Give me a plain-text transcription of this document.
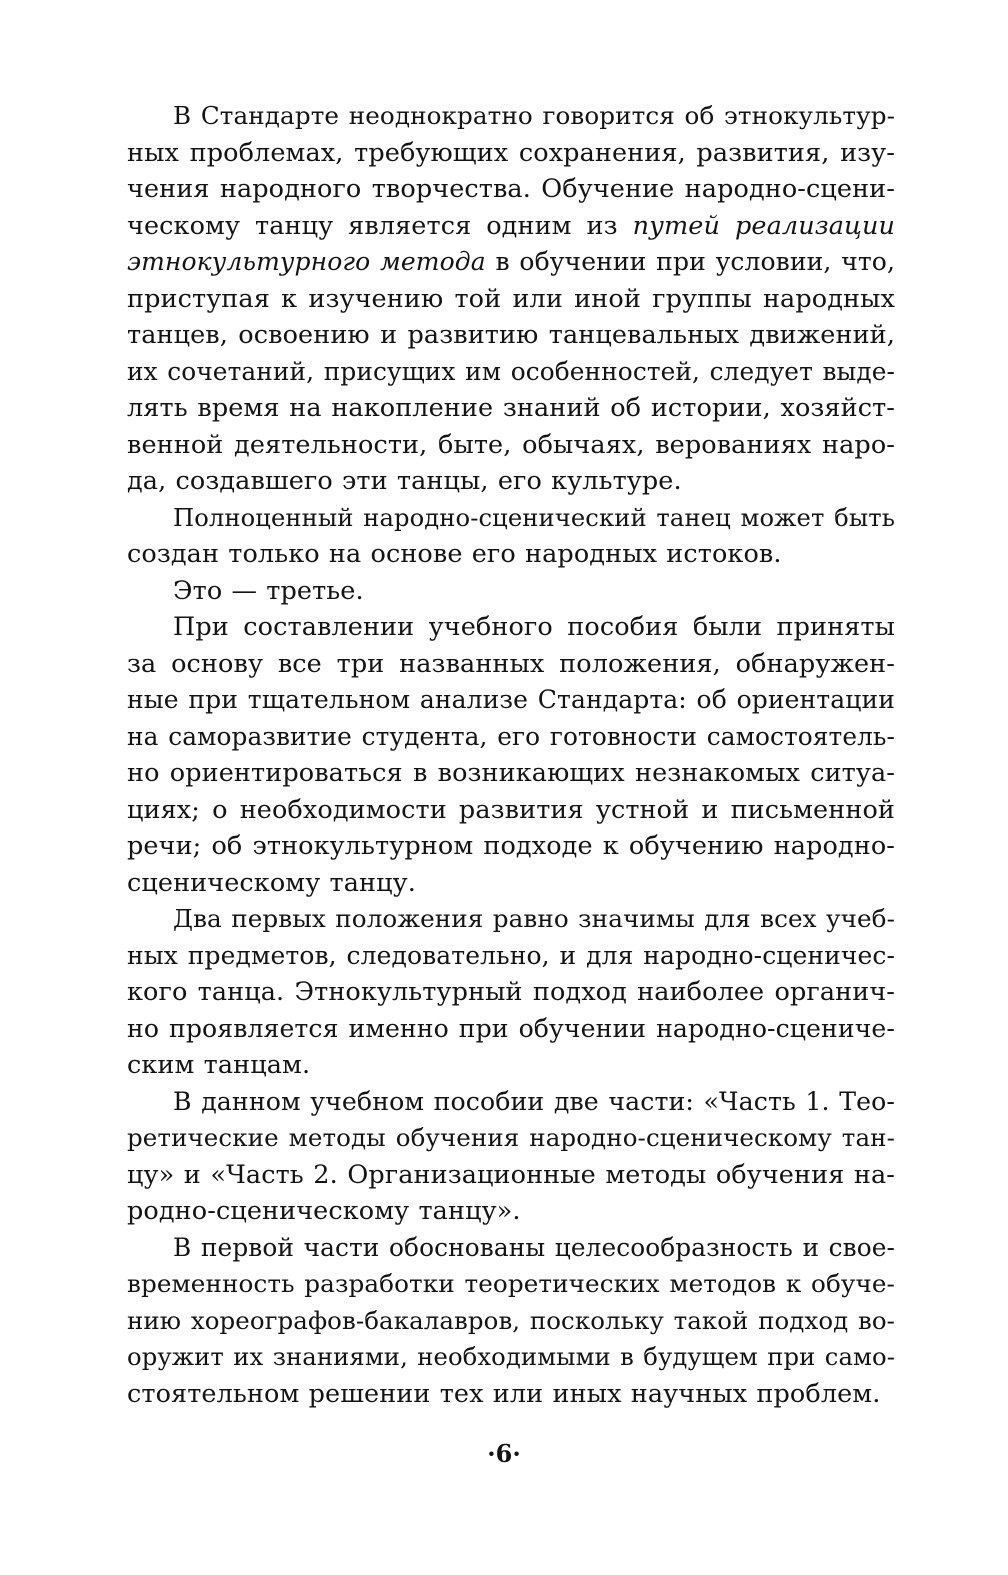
В Стандарте неоднократно говорится об этнокультур-
ных проблемах, требующих сохранения, развития, изу-
чения народного творчества. Обучение народно-сцени-
ческому танцу является одним из путей реализации
этнокультурного метода в обучении при условии, что,
приступая к изучению той или иной группы народных
танцев, освоению и развитию танцевальных движений,
их сочетаний, присущих им особенностей, следует выде-
лять время на накопление знаний об истории, хозяйст-
венной деятельности, быте, обычаях, верованиях наро-
да, создавшего эти танцы, его культуре.
Полноценный народно-сценический танец может быть
создан только на основе его народных истоков.
Это — третье.
При составлении учебного пособия были приняты
за основу все три названных положения, обнаружен-
ные при тщательном анализе Стандарта: об ориентации
на саморазвитие студента, его готовности самостоятель-
но ориентироваться в возникающих незнакомых ситуа-
циях; о необходимости развития устной и письменной
речи; об этнокультурном подходе к обучению народно-
сценическому танцу.
Два первых положения равно значимы для всех учеб-
ных предметов, следовательно, и для народно-сценичес-
кого танца. Этнокультурный подход наиболее органич-
но проявляется именно при обучении народно-сцениче-
ским танцам.
В данном учебном пособии две части: «Часть 1. Тео-
ретические методы обучения народно-сценическому тан-
цу» и «Часть 2. Организационные методы обучения на-
родно-сценическому танцу».
В первой части обоснованы целесообразность и свое-
временность разработки теоретических методов к обуче-
нию хореографов-бакалавров, поскольку такой подход во-
оружит их знаниями, необходимыми в будущем при само-
стоятельном решении тех или иных научных проблем.
·6·
